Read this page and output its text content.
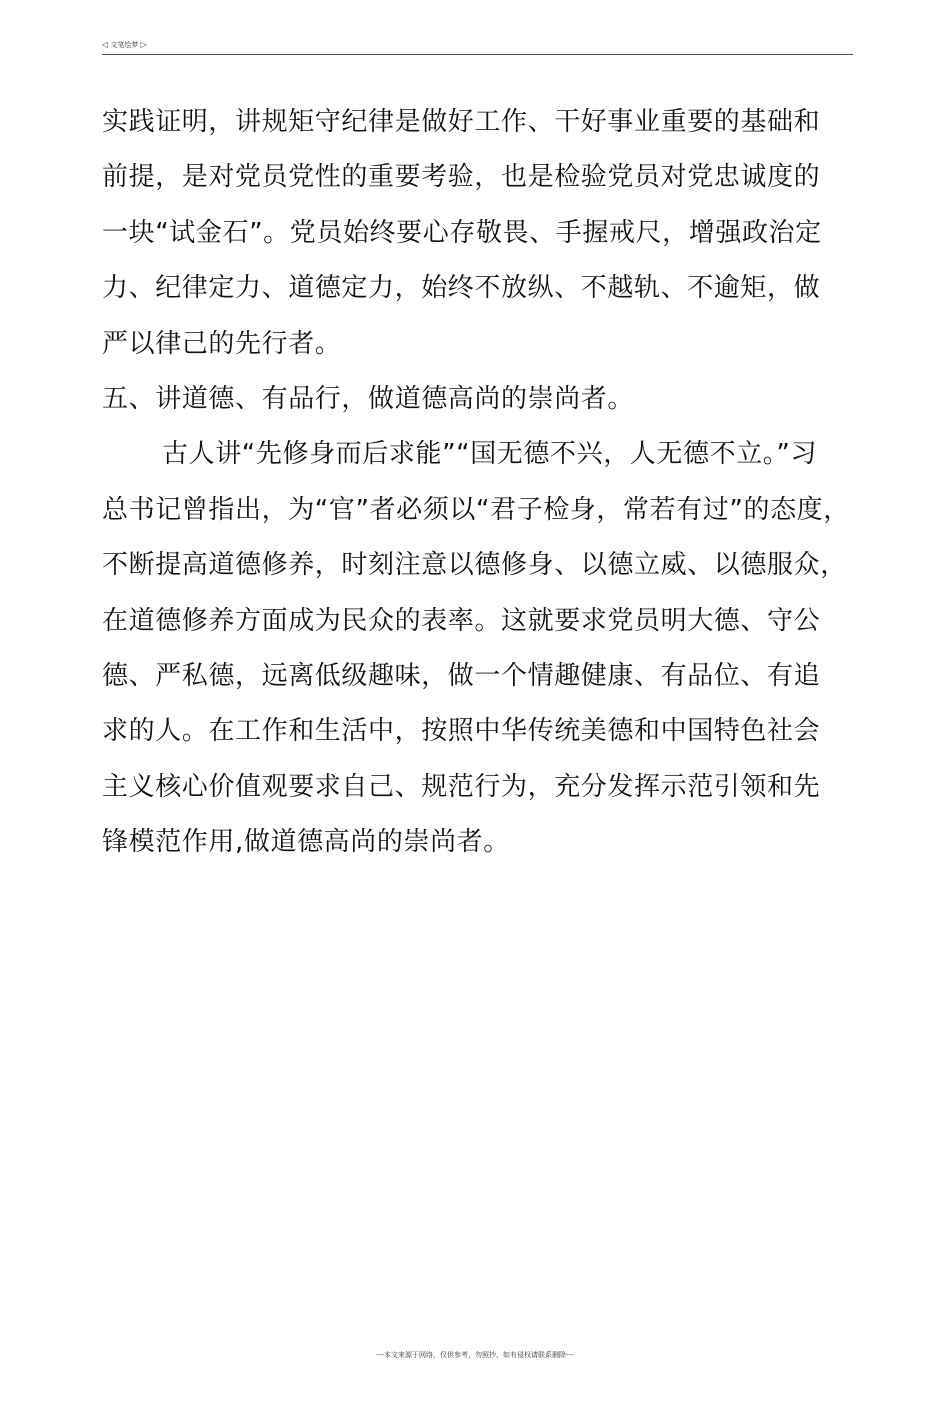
◁ 文笔绘梦 ▷
实践证明，讲规矩守纪律是做好工作、干好事业重要的基础和
前提，是对党员党性的重要考验，也是检验党员对党忠诚度的
一块“试金石”。党员始终要心存敬畏、手握戒尺，增强政治定
力、纪律定力、道德定力，始终不放纵、不越轨、不逾矩，做
严以律己的先行者。
五、讲道德、有品行，做道德高尚的崇尚者。
古人讲“先修身而后求能”“国无德不兴，人无德不立。”习
总书记曾指出，为“官”者必须以“君子检身，常若有过”的态度，
不断提高道德修养，时刻注意以德修身、以德立威、以德服众，
在道德修养方面成为民众的表率。这就要求党员明大德、守公
德、严私德，远离低级趣味，做一个情趣健康、有品位、有追
求的人。在工作和生活中，按照中华传统美德和中国特色社会
主义核心价值观要求自己、规范行为，充分发挥示范引领和先
锋模范作用,做道德高尚的崇尚者。
---本文来源于网络，仅供参考，勿照抄，如有侵权请联系删除---
